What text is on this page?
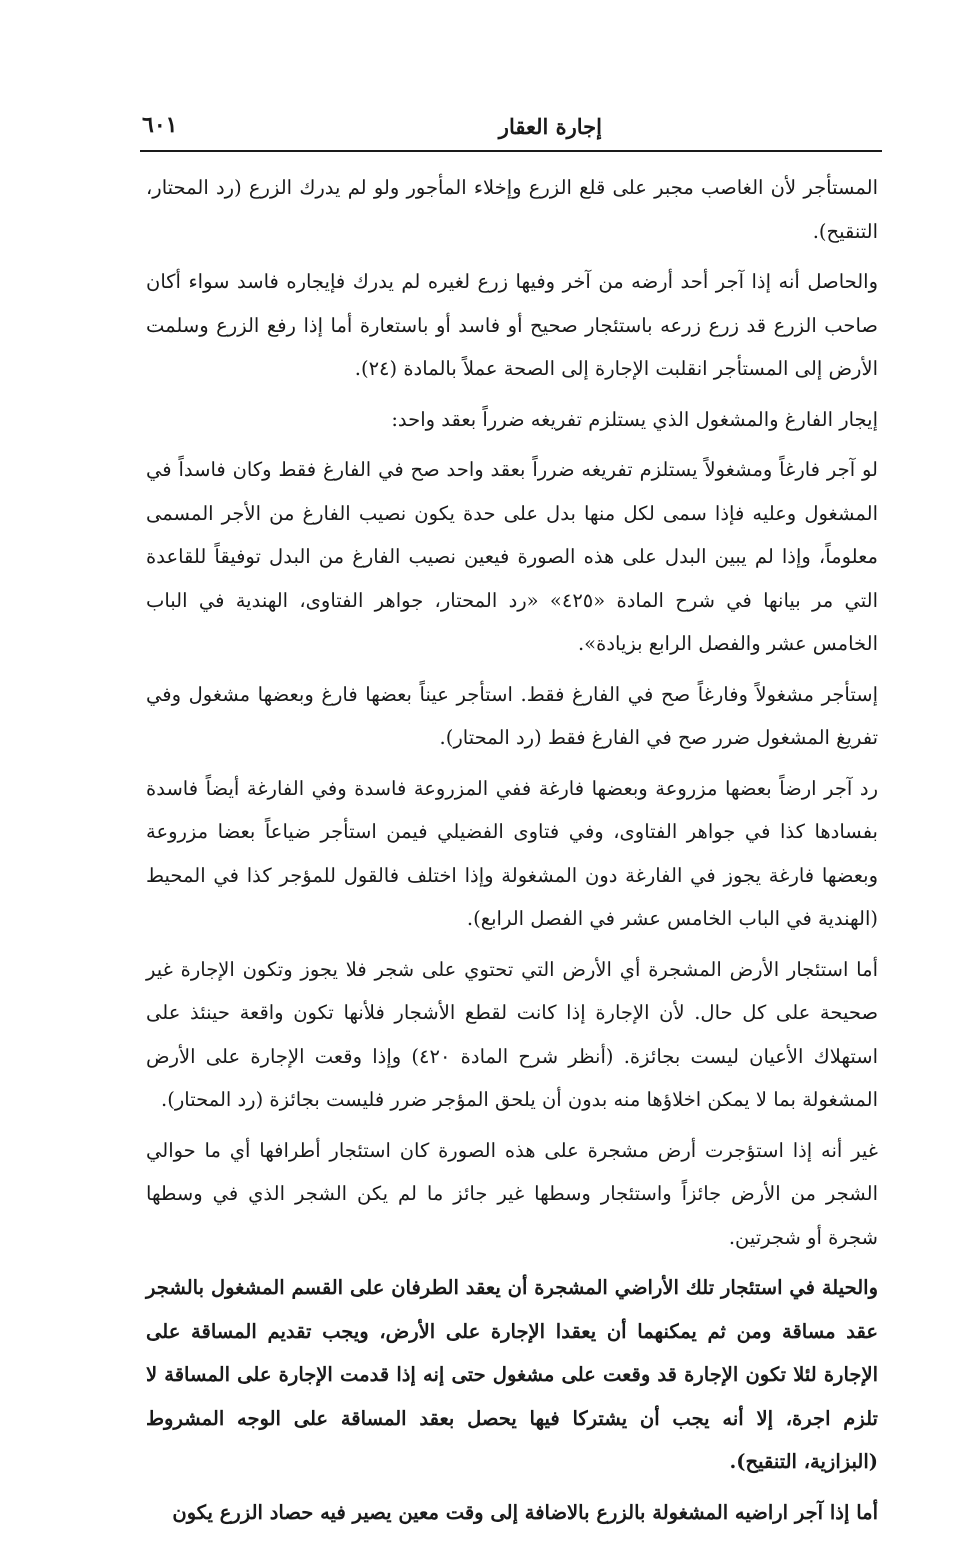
إجارة العقار
٦٠١

المستأجر لأن الغاصب مجبر على قلع الزرع وإخلاء المأجور ولو لم يدرك الزرع (رد المحتار، التنقيح).

والحاصل أنه إذا آجر أحد أرضه من آخر وفيها زرع لغيره لم يدرك فإيجاره فاسد سواء أكان صاحب الزرع قد زرع زرعه باستئجار صحيح أو فاسد أو باستعارة أما إذا رفع الزرع وسلمت الأرض إلى المستأجر انقلبت الإجارة إلى الصحة عملاً بالمادة (٢٤).

إيجار الفارغ والمشغول الذي يستلزم تفريغه ضرراً بعقد واحد:

لو آجر فارغاً ومشغولاً يستلزم تفريغه ضرراً بعقد واحد صح في الفارغ فقط وكان فاسداً في المشغول وعليه فإذا سمى لكل منها بدل على حدة يكون نصيب الفارغ من الأجر المسمى معلوماً، وإذا لم يبين البدل على هذه الصورة فيعين نصيب الفارغ من البدل توفيقاً للقاعدة التي مر بيانها في شرح المادة «٤٢٥» «رد المحتار، جواهر الفتاوى، الهندية في الباب الخامس عشر والفصل الرابع بزيادة».

إستأجر مشغولاً وفارغاً صح في الفارغ فقط. استأجر عيناً بعضها فارغ وبعضها مشغول وفي تفريغ المشغول ضرر صح في الفارغ فقط (رد المحتار).

رد آجر ارضاً بعضها مزروعة وبعضها فارغة ففي المزروعة فاسدة وفي الفارغة أيضاً فاسدة بفسادها كذا في جواهر الفتاوى، وفي فتاوى الفضيلي فيمن استأجر ضياعاً بعضا مزروعة وبعضها فارغة يجوز في الفارغة دون المشغولة وإذا اختلف فالقول للمؤجر كذا في المحيط (الهندية في الباب الخامس عشر في الفصل الرابع).

أما استئجار الأرض المشجرة أي الأرض التي تحتوي على شجر فلا يجوز وتكون الإجارة غير صحيحة على كل حال. لأن الإجارة إذا كانت لقطع الأشجار فلأنها تكون واقعة حينئذ على استهلاك الأعيان ليست بجائزة. (أنظر شرح المادة ٤٢٠) وإذا وقعت الإجارة على الأرض المشغولة بما لا يمكن اخلاؤها منه بدون أن يلحق المؤجر ضرر فليست بجائزة (رد المحتار).

غير أنه إذا استؤجرت أرض مشجرة على هذه الصورة كان استئجار أطرافها أي ما حوالي الشجر من الأرض جائزاً واستئجار وسطها غير جائز ما لم يكن الشجر الذي في وسطها شجرة أو شجرتين.

والحيلة في استئجار تلك الأراضي المشجرة أن يعقد الطرفان على القسم المشغول بالشجر عقد مساقة ومن ثم يمكنهما أن يعقدا الإجارة على الأرض، ويجب تقديم المساقة على الإجارة لئلا تكون الإجارة قد وقعت على مشغول حتى إنه إذا قدمت الإجارة على المساقة لا تلزم اجرة، إلا أنه يجب أن يشتركا فيها يحصل بعقد المساقة على الوجه المشروط (البزازية، التنقيح).

أما إذا آجر اراضيه المشغولة بالزرع بالاضافة إلى وقت معين يصير فيه حصاد الزرع يكون
